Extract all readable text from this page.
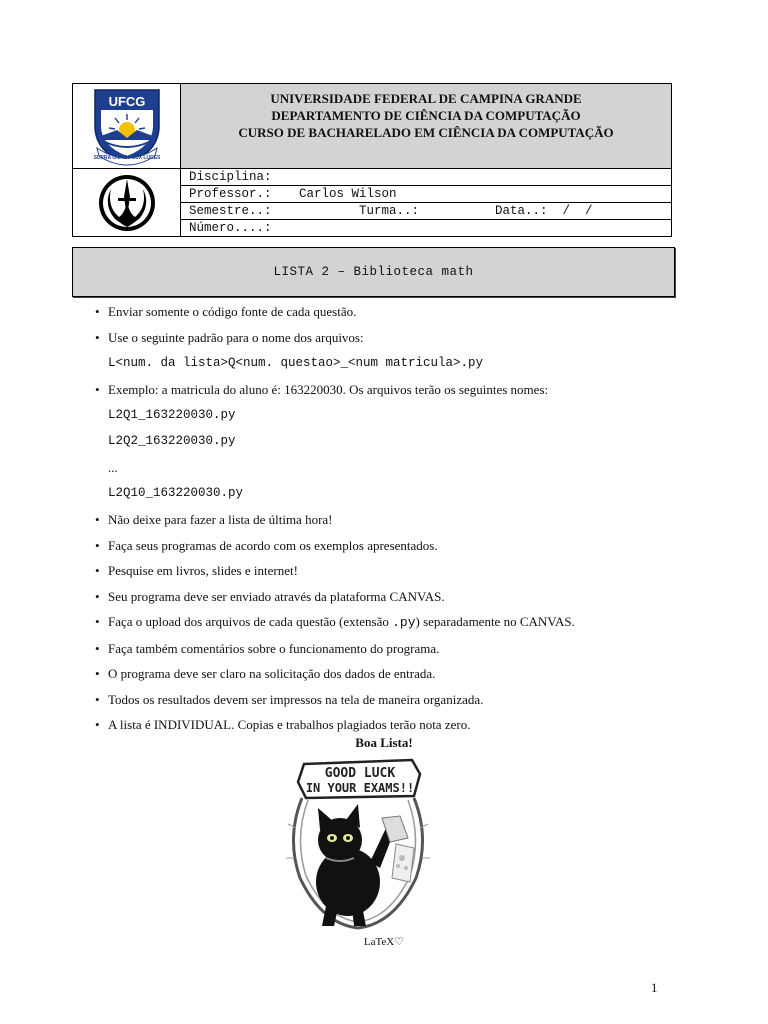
UFCG
SUPRA OMNES LUX LUCES
UNIVERSIDADE FEDERAL DE CAMPINA GRANDE
DEPARTAMENTO DE CIÊNCIA DA COMPUTAÇÃO
CURSO DE BACHARELADO EM CIÊNCIA DA COMPUTAÇÃO
Disciplina:
Professor.: Carlos Wilson
Semestre..:	Turma..:	Data..:  /  /
Número....:
LISTA 2 – Biblioteca math
• Enviar somente o código fonte de cada questão.
• Use o seguinte padrão para o nome dos arquivos:
L<num. da lista>Q<num. questao>_<num matricula>.py
• Exemplo: a matricula do aluno é: 163220030. Os arquivos terão os seguintes nomes:
L2Q1_163220030.py
L2Q2_163220030.py
...
L2Q10_163220030.py
• Não deixe para fazer a lista de última hora!
• Faça seus programas de acordo com os exemplos apresentados.
• Pesquise em livros, slides e internet!
• Seu programa deve ser enviado através da plataforma CANVAS.
• Faça o upload dos arquivos de cada questão (extensão .py) separadamente no CANVAS.
• Faça também comentários sobre o funcionamento do programa.
• O programa deve ser claro na solicitação dos dados de entrada.
• Todos os resultados devem ser impressos na tela de maneira organizada.
• A lista é INDIVIDUAL. Copias e trabalhos plagiados terão nota zero.
Boa Lista!
GOOD LUCK
IN YOUR EXAMS!!
LaTeX♡
1
